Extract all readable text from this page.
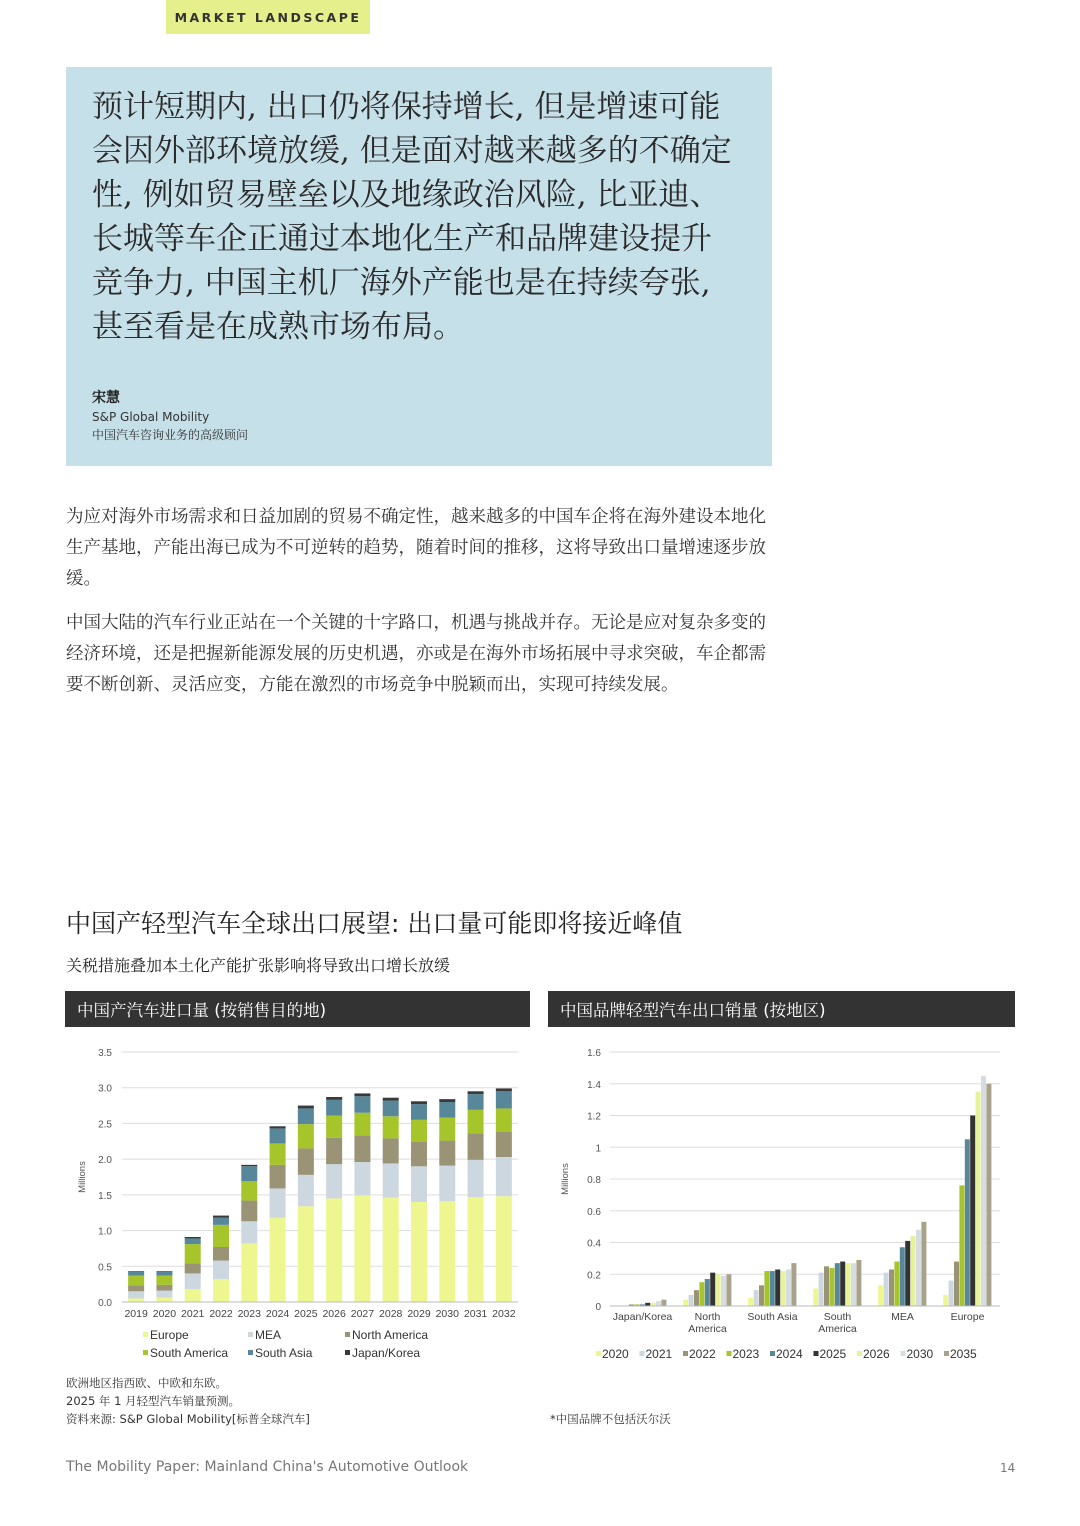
MARKET LANDSCAPE

预计短期内, 出口仍将保持增长, 但是增速可能会因外部环境放缓, 但是面对越来越多的不确定性, 例如贸易壁垒以及地缘政治风险, 比亚迪、长城等车企正通过本地化生产和品牌建设提升竞争力, 中国主机厂海外产能也是在持续夸张, 甚至看是在成熟市场布局。

宋慧
S&P Global Mobility
中国汽车咨询业务的高级顾问

为应对海外市场需求和日益加剧的贸易不确定性，越来越多的中国车企将在海外建设本地化生产基地，产能出海已成为不可逆转的趋势，随着时间的推移，这将导致出口量增速逐步放缓。

中国大陆的汽车行业正站在一个关键的十字路口，机遇与挑战并存。无论是应对复杂多变的经济环境，还是把握新能源发展的历史机遇，亦或是在海外市场拓展中寻求突破，车企都需要不断创新、灵活应变，方能在激烈的市场竞争中脱颖而出，实现可持续发展。

中国产轻型汽车全球出口展望: 出口量可能即将接近峰值
关税措施叠加本土化产能扩张影响将导致出口增长放缓
中国产汽车进口量 (按销售目的地)	中国品牌轻型汽车出口销量 (按地区)
0.0
0.5
1.0
1.5
2.0
2.5
3.0
3.5
Millions
2019 2020 2021 2022 2023 2024 2025 2026 2027 2028 2029 2030 2031 2032
Europe	MEA	North America
South America South Asia	Japan/Korea
0
0.2
0.4
0.6
0.8
1
1.2
1.4
1.6
Millions
Japan/Korea North
America
South Asia South
America
MEA	Europe
2020 2021 2022 2023 2024 2025 2026 2030 2035
欧洲地区指西欧、中欧和东欧。
2025 年 1 月轻型汽车销量预测。
资料来源: S&P Global Mobility[标普全球汽车]	*中国品牌不包括沃尔沃
The Mobility Paper: Mainland China's Automotive Outlook	14
